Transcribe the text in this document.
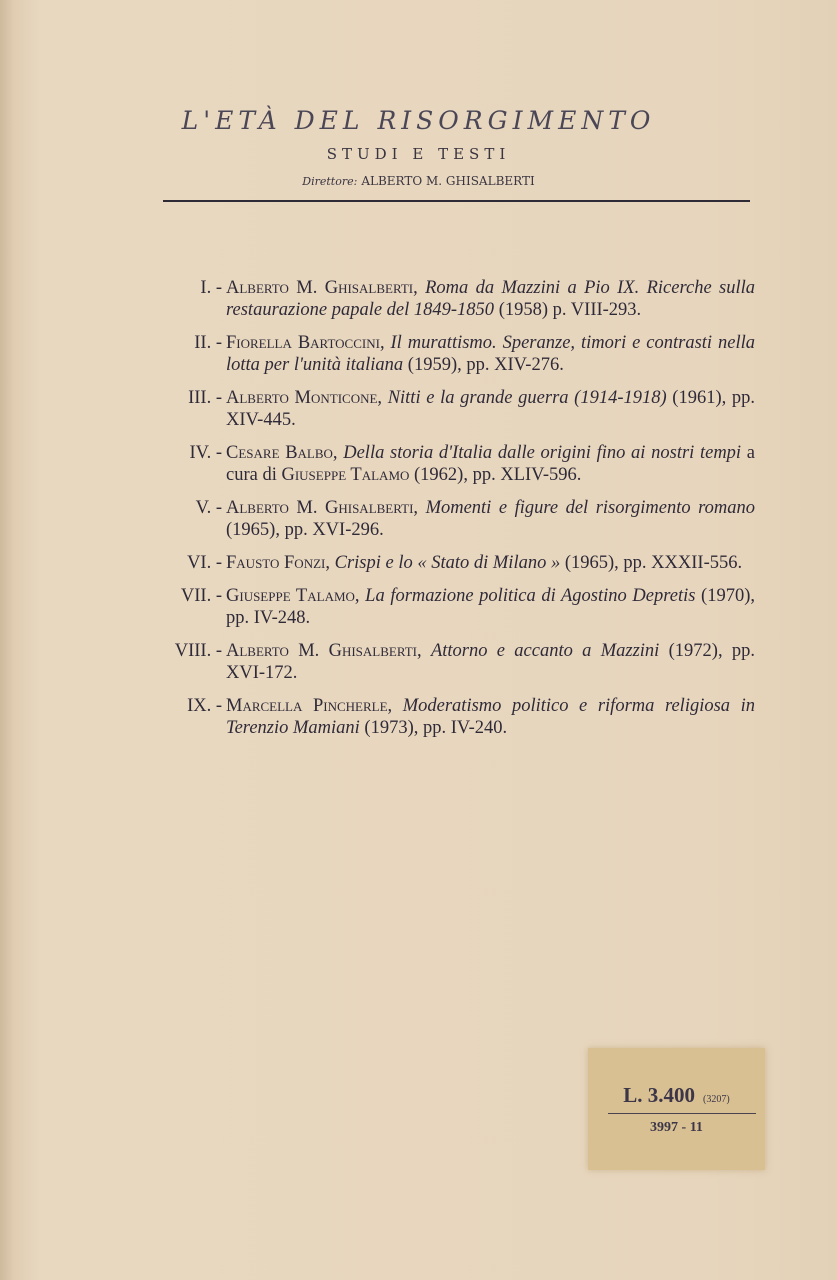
L'ETÀ DEL RISORGIMENTO
STUDI E TESTI
Direttore: ALBERTO M. GHISALBERTI
I. - Alberto M. Ghisalberti, Roma da Mazzini a Pio IX. Ricerche sulla restaurazione papale del 1849-1850 (1958) p. VIII-293.
II. - Fiorella Bartoccini, Il murattismo. Speranze, timori e contrasti nella lotta per l'unità italiana (1959), pp. XIV-276.
III. - Alberto Monticone, Nitti e la grande guerra (1914-1918) (1961), pp. XIV-445.
IV. - Cesare Balbo, Della storia d'Italia dalle origini fino ai nostri tempi a cura di Giuseppe Talamo (1962), pp. XLIV-596.
V. - Alberto M. Ghisalberti, Momenti e figure del risorgimento romano (1965), pp. XVI-296.
VI. - Fausto Fonzi, Crispi e lo « Stato di Milano » (1965), pp. XXXII-556.
VII. - Giuseppe Talamo, La formazione politica di Agostino Depretis (1970), pp. IV-248.
VIII. - Alberto M. Ghisalberti, Attorno e accanto a Mazzini (1972), pp. XVI-172.
IX. - Marcella Pincherle, Moderatismo politico e riforma religiosa in Terenzio Mamiani (1973), pp. IV-240.
L. 3.400 (3207)
3997 - 11
